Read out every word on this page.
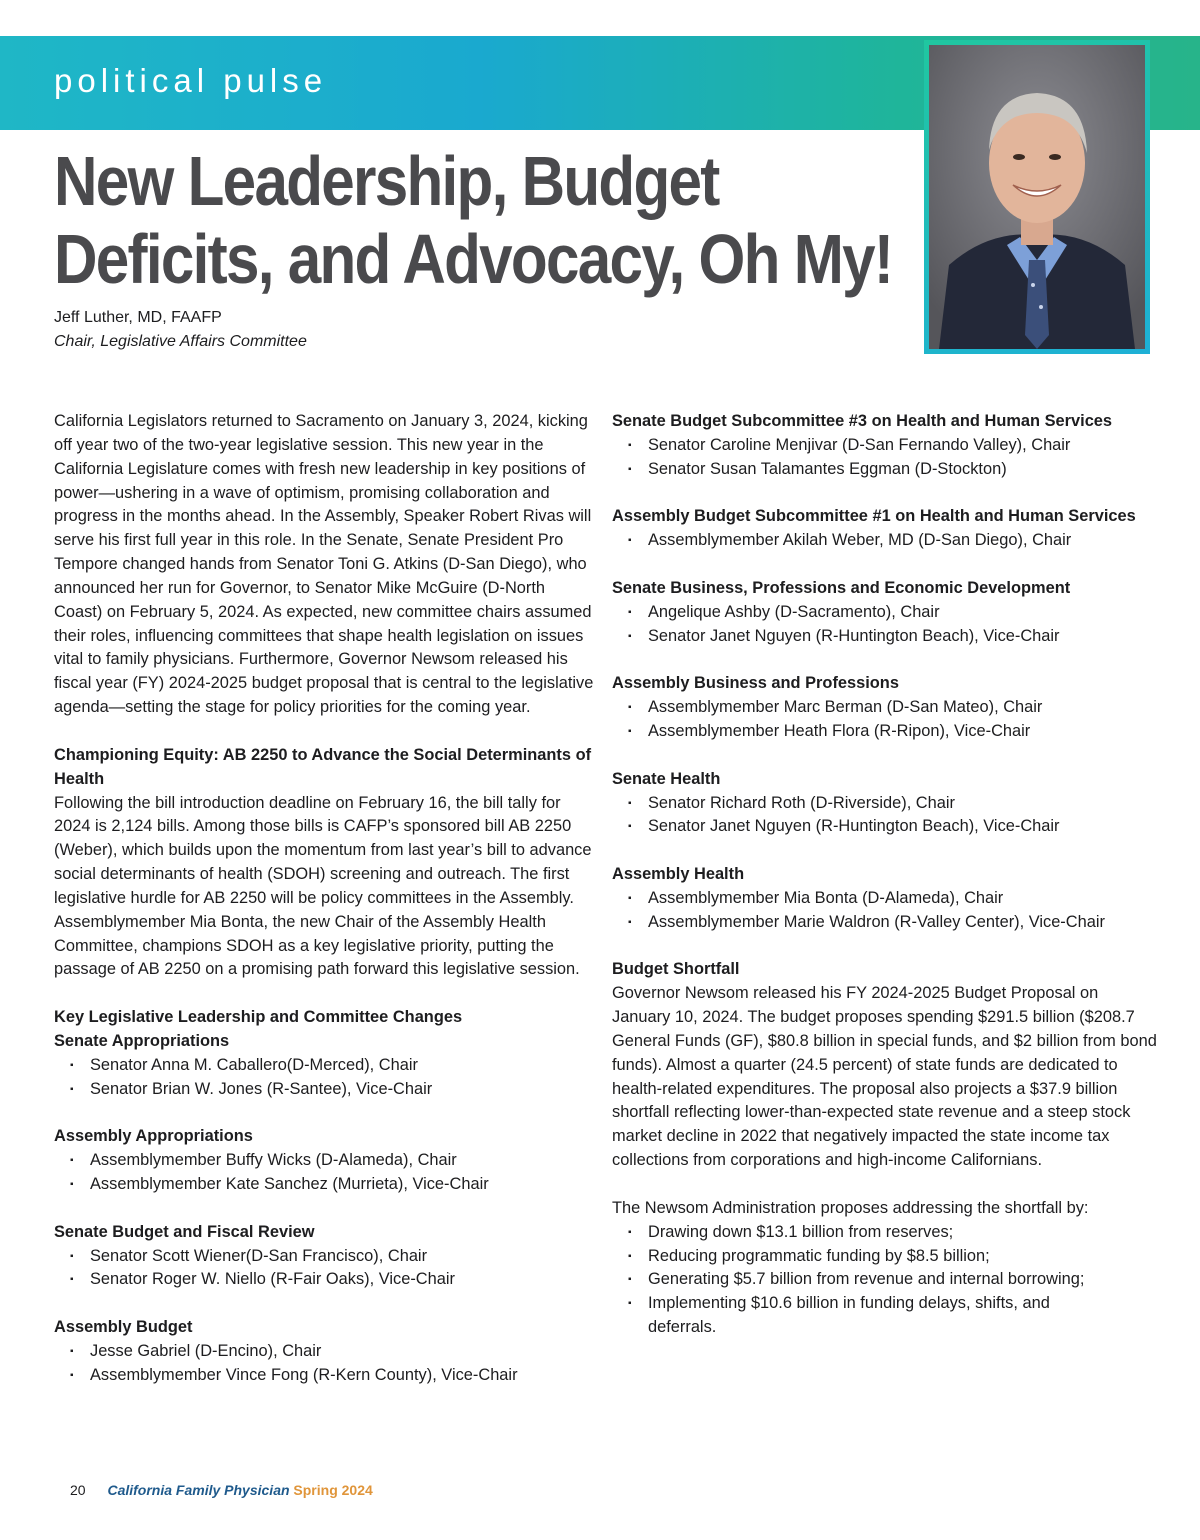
political pulse
New Leadership, Budget
Deficits, and Advocacy, Oh My!
Jeff Luther, MD, FAAFP
Chair, Legislative Affairs Committee

California Legislators returned to Sacramento on January 3, 2024, kicking off year two of the two-year legislative session. This new year in the California Legislature comes with fresh new leadership in key positions of power—ushering in a wave of optimism, promising collaboration and progress in the months ahead. In the Assembly, Speaker Robert Rivas will serve his first full year in this role. In the Senate, Senate President Pro Tempore changed hands from Senator Toni G. Atkins (D-San Diego), who announced her run for Governor, to Senator Mike McGuire (D-North Coast) on February 5, 2024. As expected, new committee chairs assumed their roles, influencing committees that shape health legislation on issues vital to family physicians. Furthermore, Governor Newsom released his fiscal year (FY) 2024-2025 budget proposal that is central to the legislative agenda—setting the stage for policy priorities for the coming year.

Championing Equity: AB 2250 to Advance the Social Determinants of Health

Following the bill introduction deadline on February 16, the bill tally for 2024 is 2,124 bills. Among those bills is CAFP’s sponsored bill AB 2250 (Weber), which builds upon the momentum from last year’s bill to advance social determinants of health (SDOH) screening and outreach. The first legislative hurdle for AB 2250 will be policy committees in the Assembly. Assemblymember Mia Bonta, the new Chair of the Assembly Health Committee, champions SDOH as a key legislative priority, putting the passage of AB 2250 on a promising path forward this legislative session.

Key Legislative Leadership and Committee Changes
Senate Appropriations
▪ Senator Anna M. Caballero(D-Merced), Chair
▪ Senator Brian W. Jones (R-Santee), Vice-Chair
Assembly Appropriations
▪ Assemblymember Buffy Wicks (D-Alameda), Chair
▪ Assemblymember Kate Sanchez (Murrieta), Vice-Chair
Senate Budget and Fiscal Review
▪ Senator Scott Wiener(D-San Francisco), Chair
▪ Senator Roger W. Niello (R-Fair Oaks), Vice-Chair
Assembly Budget
▪ Jesse Gabriel (D-Encino), Chair
▪ Assemblymember Vince Fong (R-Kern County), Vice-Chair
Senate Budget Subcommittee #3 on Health and Human Services
▪ Senator Caroline Menjivar (D-San Fernando Valley), Chair
▪ Senator Susan Talamantes Eggman (D-Stockton)
Assembly Budget Subcommittee #1 on Health and Human Services
▪ Assemblymember Akilah Weber, MD (D-San Diego), Chair
Senate Business, Professions and Economic Development
▪ Angelique Ashby (D-Sacramento), Chair
▪ Senator Janet Nguyen (R-Huntington Beach), Vice-Chair
Assembly Business and Professions
▪ Assemblymember Marc Berman (D-San Mateo), Chair
▪ Assemblymember Heath Flora (R-Ripon), Vice-Chair
Senate Health
▪ Senator Richard Roth (D-Riverside), Chair
▪ Senator Janet Nguyen (R-Huntington Beach), Vice-Chair
Assembly Health
▪ Assemblymember Mia Bonta (D-Alameda), Chair
▪ Assemblymember Marie Waldron (R-Valley Center), Vice-Chair
Budget Shortfall

Governor Newsom released his FY 2024-2025 Budget Proposal on January 10, 2024. The budget proposes spending $291.5 billion ($208.7 General Funds (GF), $80.8 billion in special funds, and $2 billion from bond funds). Almost a quarter (24.5 percent) of state funds are dedicated to health-related expenditures. The proposal also projects a $37.9 billion shortfall reflecting lower-than-expected state revenue and a steep stock market decline in 2022 that negatively impacted the state income tax collections from corporations and high-income Californians.

The Newsom Administration proposes addressing the shortfall by:

▪ Drawing down $13.1 billion from reserves;
▪ Reducing programmatic funding by $8.5 billion;
▪ Generating $5.7 billion from revenue and internal borrowing;
▪ Implementing $10.6 billion in funding delays, shifts, and deferrals.
20 California Family Physician Spring 2024
